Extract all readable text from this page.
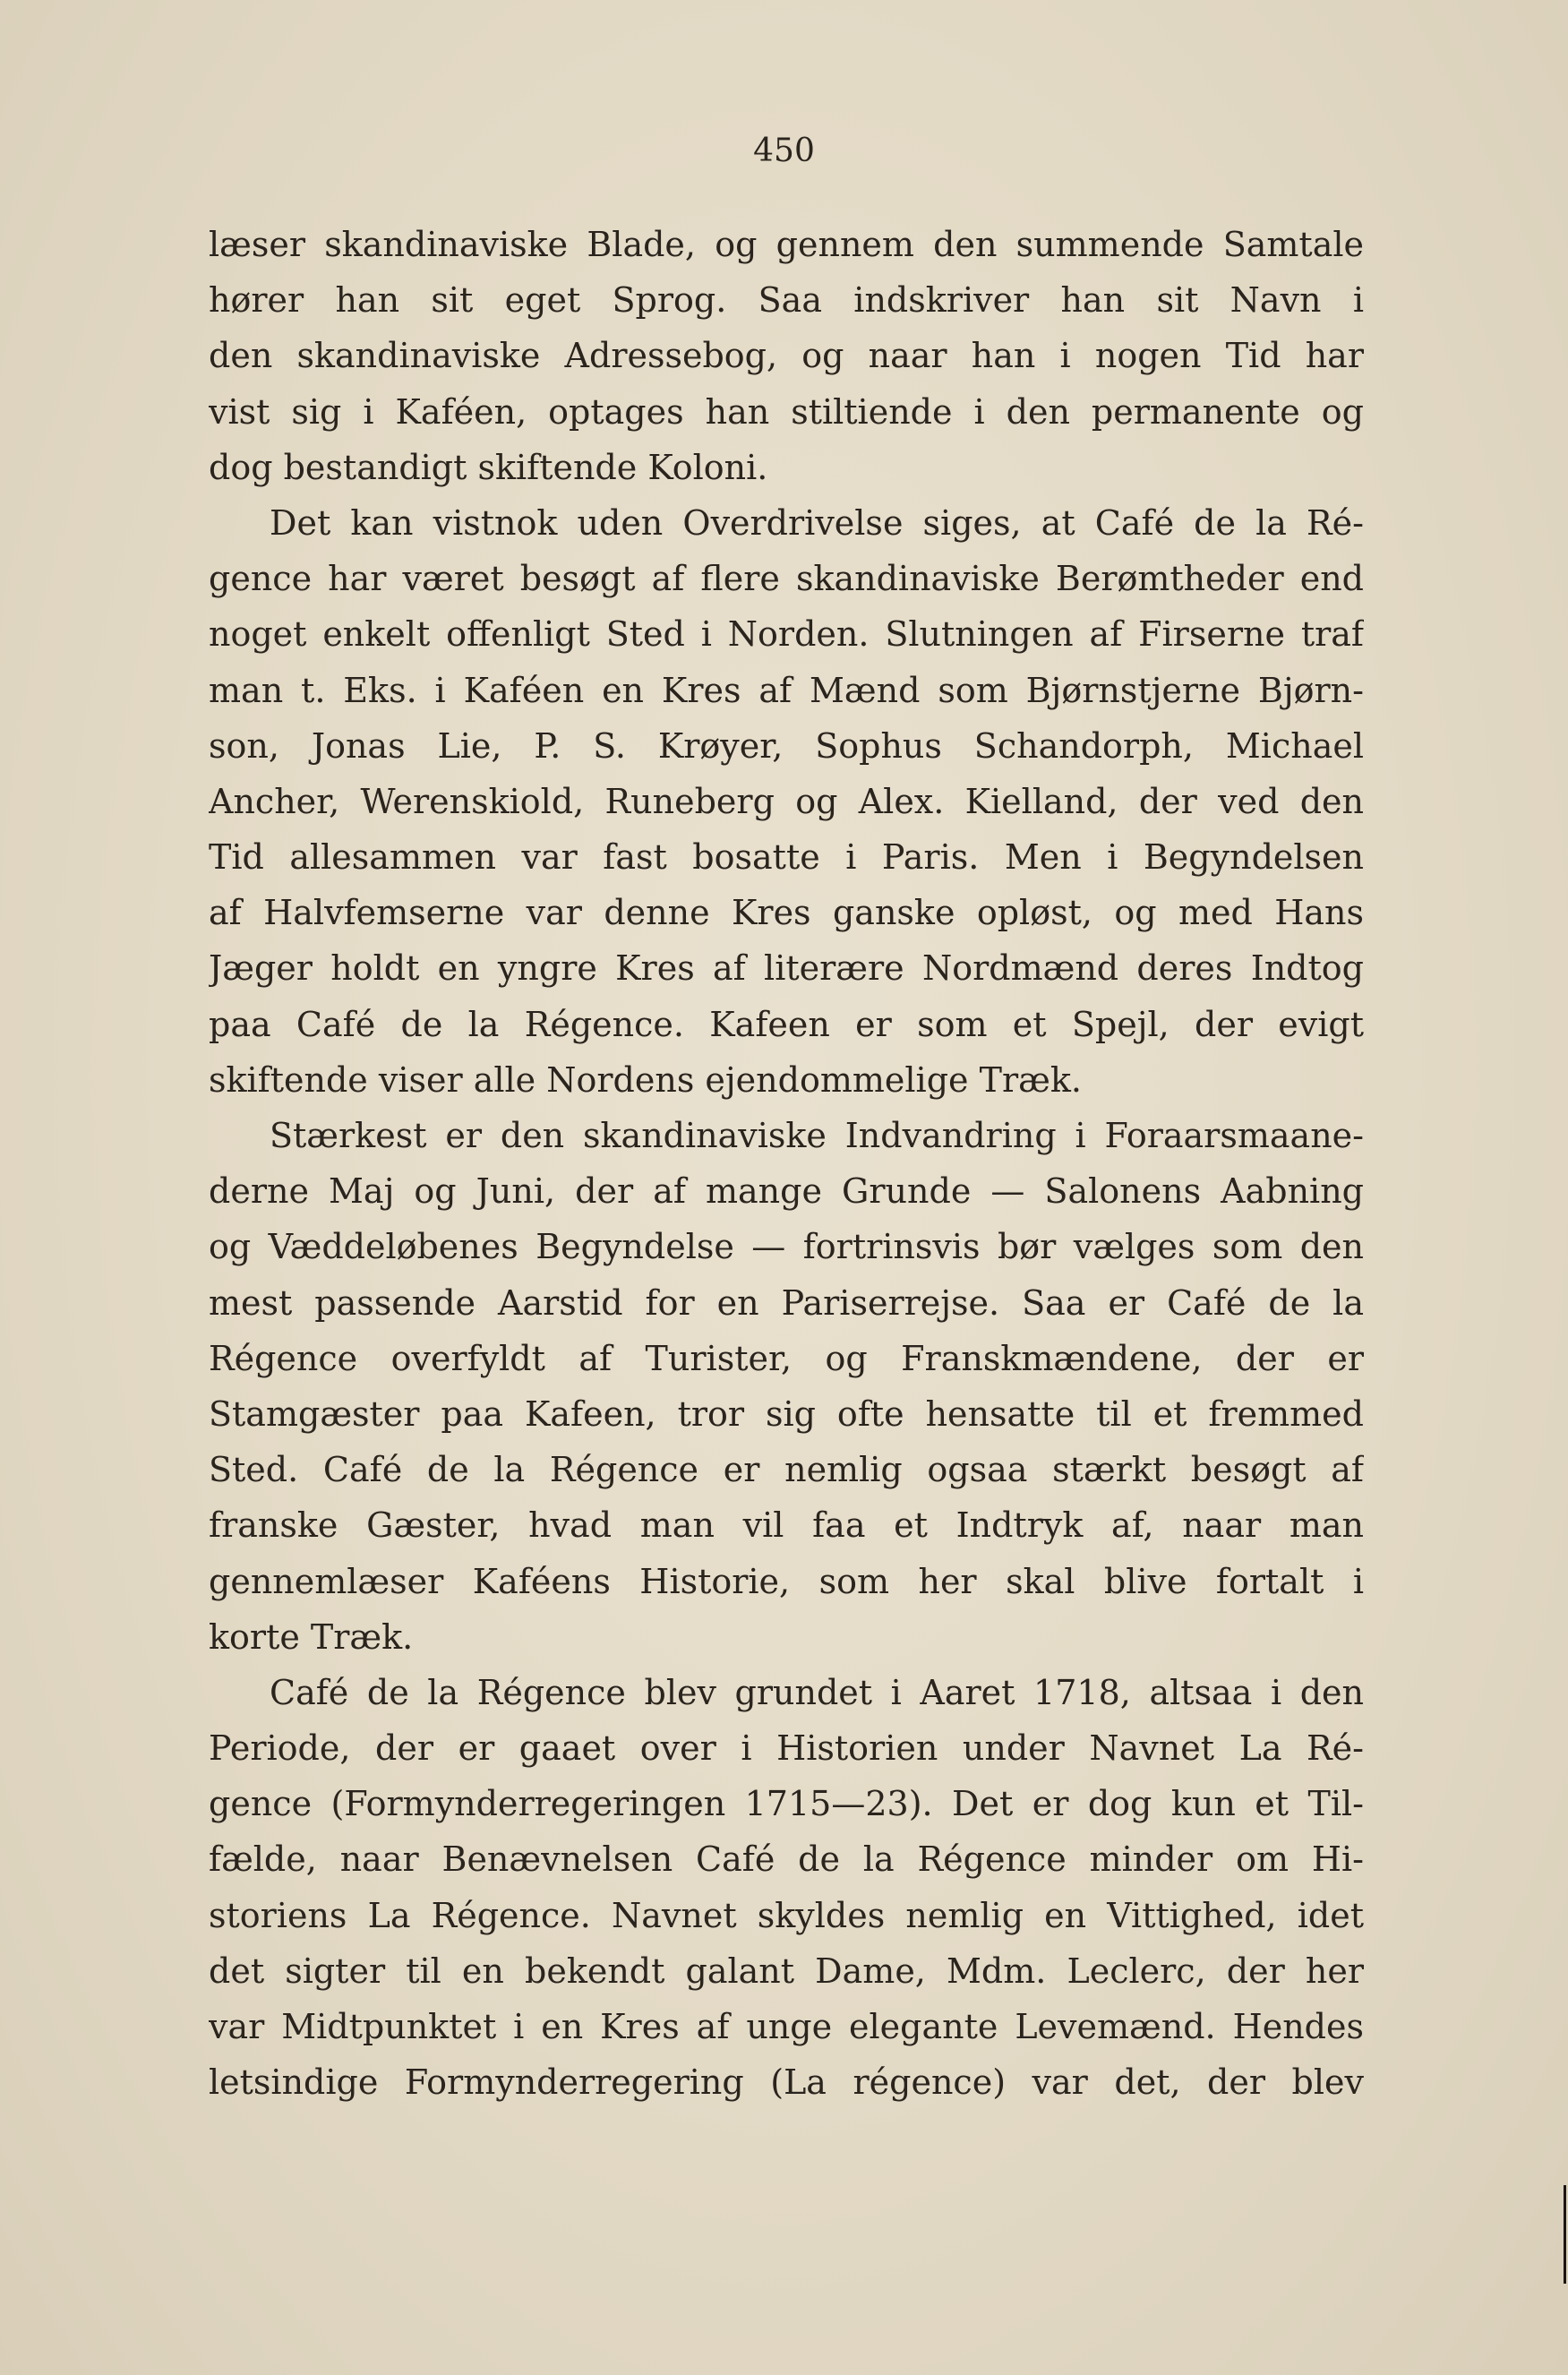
450
læser skandinaviske Blade, og gennem den summende Samtale
hører han sit eget Sprog. Saa indskriver han sit Navn i
den skandinaviske Adressebog, og naar han i nogen Tid har
vist sig i Kaféen, optages han stiltiende i den permanente og
dog bestandigt skiftende Koloni.
Det kan vistnok uden Overdrivelse siges, at Café de la Ré-
gence har været besøgt af flere skandinaviske Berømtheder end
noget enkelt offenligt Sted i Norden. Slutningen af Firserne traf
man t. Eks. i Kaféen en Kres af Mænd som Bjørnstjerne Bjørn-
son, Jonas Lie, P. S. Krøyer, Sophus Schandorph, Michael
Ancher, Werenskiold, Runeberg og Alex. Kielland, der ved den
Tid allesammen var fast bosatte i Paris. Men i Begyndelsen
af Halvfemserne var denne Kres ganske opløst, og med Hans
Jæger holdt en yngre Kres af literære Nordmænd deres Indtog
paa Café de la Régence. Kafeen er som et Spejl, der evigt
skiftende viser alle Nordens ejendommelige Træk.
Stærkest er den skandinaviske Indvandring i Foraarsmaane-
derne Maj og Juni, der af mange Grunde — Salonens Aabning
og Væddeløbenes Begyndelse — fortrinsvis bør vælges som den
mest passende Aarstid for en Pariserrejse. Saa er Café de la
Régence overfyldt af Turister, og Franskmændene, der er
Stamgæster paa Kafeen, tror sig ofte hensatte til et fremmed
Sted. Café de la Régence er nemlig ogsaa stærkt besøgt af
franske Gæster, hvad man vil faa et Indtryk af, naar man
gennemlæser Kaféens Historie, som her skal blive fortalt i
korte Træk.
Café de la Régence blev grundet i Aaret 1718, altsaa i den
Periode, der er gaaet over i Historien under Navnet La Ré-
gence (Formynderregeringen 1715—23). Det er dog kun et Til-
fælde, naar Benævnelsen Café de la Régence minder om Hi-
storiens La Régence. Navnet skyldes nemlig en Vittighed, idet
det sigter til en bekendt galant Dame, Mdm. Leclerc, der her
var Midtpunktet i en Kres af unge elegante Levemænd. Hendes
letsindige Formynderregering (La régence) var det, der blev
